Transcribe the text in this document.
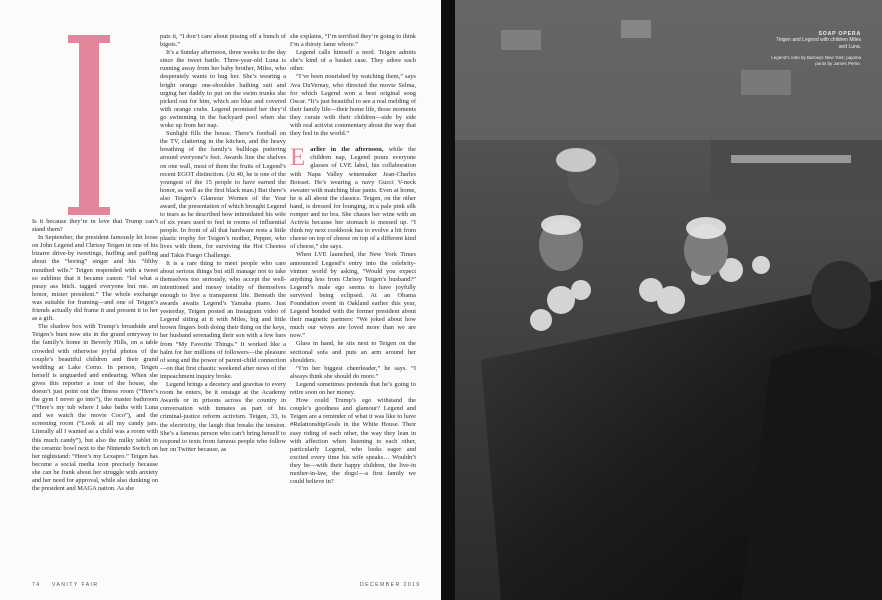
Is it because they’re in love that Trump can’t stand them?

In September, the president famously let loose on John Legend and Chrissy Teigen in one of his bizarre drive-by tweetings, huffing and puffing about the “boring” singer and his “filthy mouthed wife.” Teigen responded with a tweet so sublime that it became canon: “lol what a pussy ass bitch. tagged everyone but me. an honor, mister president.” The whole exchange was suitable for framing—and one of Teigen’s friends actually did frame it and present it to her as a gift.

The shadow box with Trump’s broadside and Teigen’s burn now sits in the grand entryway to the family’s home in Beverly Hills, on a table crowded with otherwise joyful photos of the couple’s beautiful children and their grand wedding at Lake Como. In person, Teigen herself is unguarded and endearing. When she gives this reporter a tour of the house, she doesn’t just point out the fitness room (“Here’s the gym I never go into”), the master bathroom (“Here’s my tub where I take baths with Luna and we watch the movie Coco”), and the screening room (“Look at all my candy jars. Literally all I wanted as a child was a room with this much candy”), but also the milky tablet in the ceramic bowl next to the Nintendo Switch on her nightstand: “Here’s my Lexapro.” Teigen has become a social media icon precisely because she can be frank about her struggle with anxiety and her need for approval, while also dunking on the president and MAGA nation. As she

puts it, “I don’t care about pissing off a bunch of bigots.”

It’s a Sunday afternoon, three weeks to the day since the tweet battle. Three-year-old Luna is running away from her baby brother, Miles, who desperately wants to hug her. She’s wearing a bright orange one-shoulder bathing suit and urging her daddy to put on the swim trunks she picked out for him, which are blue and covered with orange crabs. Legend promised her they’d go swimming in the backyard pool when she woke up from her nap.

Sunlight fills the house. There’s football on the TV, clattering in the kitchen, and the heavy breathing of the family’s bulldogs puttering around everyone’s feet. Awards line the shelves on one wall, most of them the fruits of Legend’s recent EGOT distinction. (At 40, he is one of the youngest of the 15 people to have earned the honor, as well as the first black man.) But there’s also Teigen’s Glamour Women of the Year award, the presentation of which brought Legend to tears as he described how intimidated his wife of six years used to feel in rooms of influential people. In front of all that hardware rests a little plastic trophy for Teigen’s mother, Pepper, who lives with them, for surviving the Hot Cheetos and Takis Fuego Challenge.

It is a rare thing to meet people who care about serious things but still manage not to take themselves too seriously, who accept the well-intentioned and messy totality of themselves enough to live a transparent life. Beneath the awards awaits Legend’s Yamaha piano. Just yesterday, Teigen posted an Instagram video of Legend sitting at it with Miles, big and little brown fingers both doing their thing on the keys, her husband serenading their son with a few bars from “My Favorite Things.” It worked like a balm for her millions of followers—the pleasure of song and the power of parent-child connection—on that first chaotic weekend after news of the impeachment inquiry broke.

Legend brings a decency and gravitas to every room he enters, be it onstage at the Academy Awards or in prisons across the country in conversation with inmates as part of his criminal-justice reform activism. Teigen, 33, is the electricity, the laugh that breaks the tension. She’s a famous person who can’t bring herself to respond to texts from famous people who follow her on Twitter because, as

she explains, “I’m terrified they’re going to think I’m a thirsty fame whore.”

Legend calls himself a nerd. Teigen admits she’s kind of a basket case. They adore each other.

“I’ve been nourished by watching them,” says Ava DuVernay, who directed the movie Selma, for which Legend won a best original song Oscar. “It’s just beautiful to see a real melding of their family life—their home life, those moments they curate with their children—side by side with real activist commentary about the way that they feel in the world.”

Earlier in the afternoon, while the children nap, Legend pours everyone glasses of LVE label, his collaboration with Napa Valley winemaker Jean-Charles Boisset. He’s wearing a navy Gucci V-neck sweater with matching blue pants. Even at home, he is all about the classics. Teigen, on the other hand, is dressed for lounging, in a pale pink silk romper and no bra. She chases her wine with an Activia because her stomach is messed up. “I think my next cookbook has to evolve a bit from cheese on top of cheese on top of a different kind of cheese,” she says.

When LVE launched, the New York Times announced Legend’s entry into the celebrity-vintner world by asking, “Would you expect anything less from Chrissy Teigen’s husband?” Legend’s male ego seems to have joyfully survived being eclipsed. At an Obama Foundation event in Oakland earlier this year, Legend bonded with the former president about their magnetic partners: “We joked about how much our wives are loved more than we are now.”

Glass in hand, he sits next to Teigen on the sectional sofa and puts an arm around her shoulders.

“I’m her biggest cheerleader,” he says. “I always think she should do more.”

Legend sometimes pretends that he’s going to retire soon on her money.

How could Trump’s ego withstand the couple’s goodness and glamour? Legend and Teigen are a reminder of what it was like to have #RelationshipGoals in the White House. Their easy riding of each other, the way they lean in with affection when listening to each other, particularly Legend, who looks eager and excited every time his wife speaks… Wouldn’t they be—with their happy children, the live-in mother-in-law, the dogs!—a first family we could believe in?

74 VANITY FAIR	DECEMBER 2019
SOAP OPERA
Teigen and Legend with children Miles and Luna.
Legend’s robe by Barneys New York; pajama pants by James Perse.
